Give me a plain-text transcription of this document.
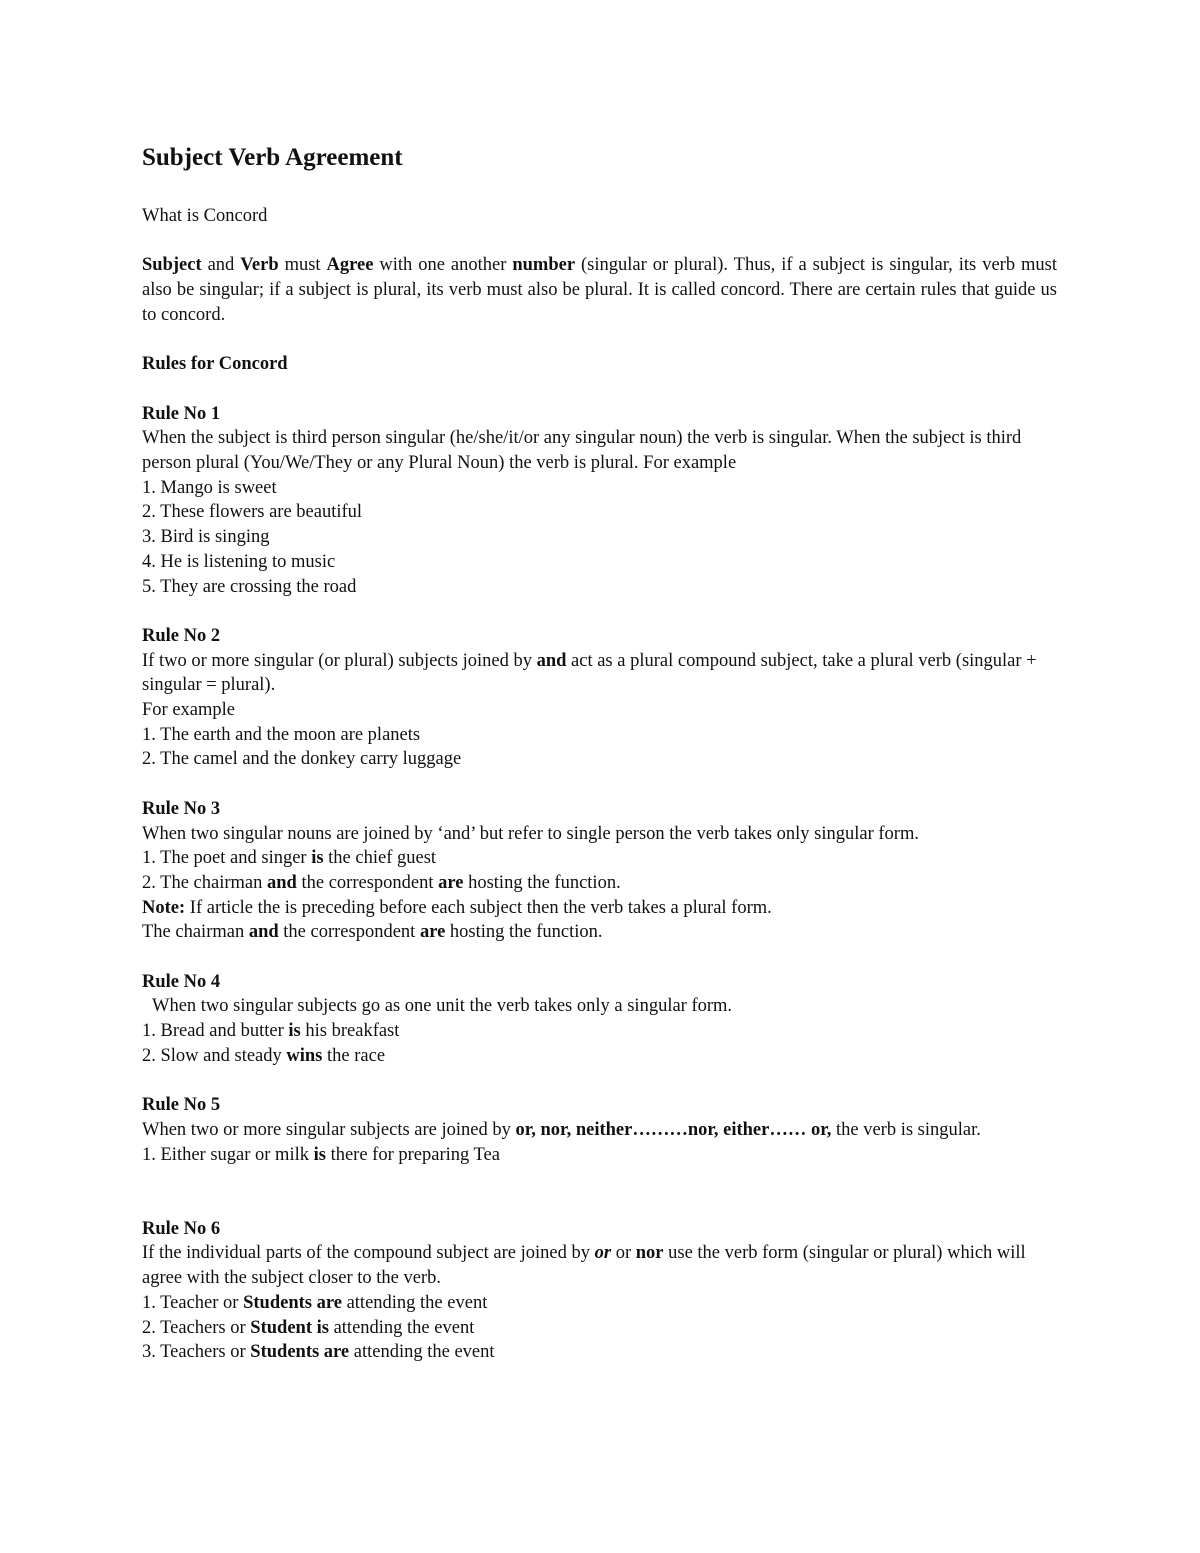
Subject Verb Agreement

What is Concord

Subject and Verb must Agree with one another number (singular or plural). Thus, if a subject is singular, its verb must also be singular; if a subject is plural, its verb must also be plural. It is called concord. There are certain rules that guide us to concord.

Rules for Concord

Rule No 1

When the subject is third person singular (he/she/it/or any singular noun) the verb is singular. When the subject is third person plural (You/We/They or any Plural Noun) the verb is plural. For example

1. Mango is sweet

2. These flowers are beautiful

3. Bird is singing

4. He is listening to music

5. They are crossing the road

Rule No 2

If two or more singular (or plural) subjects joined by and act as a plural compound subject, take a plural verb (singular + singular = plural).

For example

1. The earth and the moon are planets

2. The camel and the donkey carry luggage

Rule No 3

When two singular nouns are joined by ‘and’ but refer to single person the verb takes only singular form.

1. The poet and singer is the chief guest

2. The chairman and the correspondent are hosting the function.

Note: If article the is preceding before each subject then the verb takes a plural form.

The chairman and the correspondent are hosting the function.

Rule No 4

When two singular subjects go as one unit the verb takes only a singular form.

1. Bread and butter is his breakfast

2. Slow and steady wins the race

Rule No 5

When two or more singular subjects are joined by or, nor, neither………nor, either…… or, the verb is singular.

1. Either sugar or milk is there for preparing Tea

Rule No 6

If the individual parts of the compound subject are joined by or or nor use the verb form (singular or plural) which will agree with the subject closer to the verb.

1. Teacher or Students are attending the event

2. Teachers or Student is attending the event

3. Teachers or Students are attending the event
